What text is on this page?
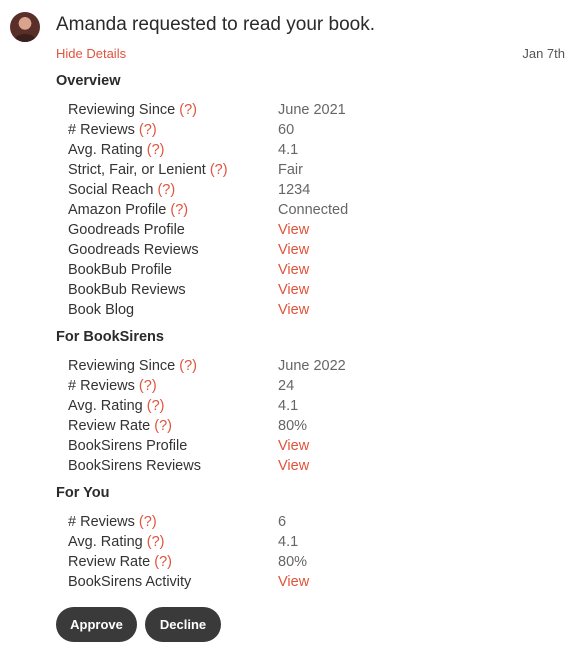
Amanda requested to read your book.
Hide Details	Jan 7th
Overview
Reviewing Since (?)	June 2021
# Reviews (?)	60
Avg. Rating (?)	4.1
Strict, Fair, or Lenient (?)	Fair
Social Reach (?)	1234
Amazon Profile (?)	Connected
Goodreads Profile	View
Goodreads Reviews	View
BookBub Profile	View
BookBub Reviews	View
Book Blog	View
For BookSirens
Reviewing Since (?)	June 2022
# Reviews (?)	24
Avg. Rating (?)	4.1
Review Rate (?)	80%
BookSirens Profile	View
BookSirens Reviews	View
For You
# Reviews (?)	6
Avg. Rating (?)	4.1
Review Rate (?)	80%
BookSirens Activity	View
Approve	Decline
